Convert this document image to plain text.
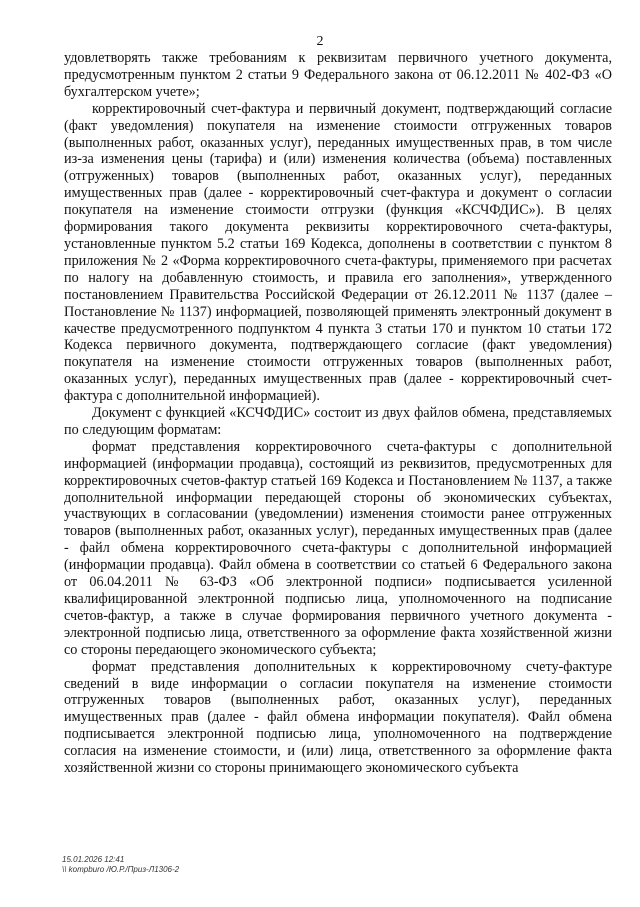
2

удовлетворять также требованиям к реквизитам первичного учетного документа, предусмотренным пунктом 2 статьи 9 Федерального закона от 06.12.2011 № 402-ФЗ «О бухгалтерском учете»;

корректировочный счет-фактура и первичный документ, подтверждающий согласие (факт уведомления) покупателя на изменение стоимости отгруженных товаров (выполненных работ, оказанных услуг), переданных имущественных прав, в том числе из-за изменения цены (тарифа) и (или) изменения количества (объема) поставленных (отгруженных) товаров (выполненных работ, оказанных услуг), переданных имущественных прав (далее - корректировочный счет-фактура и документ о согласии покупателя на изменение стоимости отгрузки (функция «КСЧФДИС»). В целях формирования такого документа реквизиты корректировочного счета-фактуры, установленные пунктом 5.2 статьи 169 Кодекса, дополнены в соответствии с пунктом 8 приложения № 2 «Форма корректировочного счета-фактуры, применяемого при расчетах по налогу на добавленную стоимость, и правила его заполнения», утвержденного постановлением Правительства Российской Федерации от 26.12.2011 № 1137 (далее – Постановление № 1137) информацией, позволяющей применять электронный документ в качестве предусмотренного подпунктом 4 пункта 3 статьи 170 и пунктом 10 статьи 172 Кодекса первичного документа, подтверждающего согласие (факт уведомления) покупателя на изменение стоимости отгруженных товаров (выполненных работ, оказанных услуг), переданных имущественных прав (далее - корректировочный счет-фактура с дополнительной информацией).

Документ с функцией «КСЧФДИС» состоит из двух файлов обмена, представляемых по следующим форматам:

формат представления корректировочного счета-фактуры с дополнительной информацией (информации продавца), состоящий из реквизитов, предусмотренных для корректировочных счетов-фактур статьей 169 Кодекса и Постановлением № 1137, а также дополнительной информации передающей стороны об экономических субъектах, участвующих в согласовании (уведомлении) изменения стоимости ранее отгруженных товаров (выполненных работ, оказанных услуг), переданных имущественных прав (далее - файл обмена корректировочного счета-фактуры с дополнительной информацией (информации продавца). Файл обмена в соответствии со статьей 6 Федерального закона от 06.04.2011 № 63-ФЗ «Об электронной подписи» подписывается усиленной квалифицированной электронной подписью лица, уполномоченного на подписание счетов-фактур, а также в случае формирования первичного учетного документа - электронной подписью лица, ответственного за оформление факта хозяйственной жизни со стороны передающего экономического субъекта;

формат представления дополнительных к корректировочному счету-фактуре сведений в виде информации о согласии покупателя на изменение стоимости отгруженных товаров (выполненных работ, оказанных услуг), переданных имущественных прав (далее - файл обмена информации покупателя). Файл обмена подписывается электронной подписью лица, уполномоченного на подтверждение согласия на изменение стоимости, и (или) лица, ответственного за оформление факта хозяйственной жизни со стороны принимающего экономического субъекта

15.01.2026 12:41
\\ kompburo /Ю.Р./Приз-Л1306-2
